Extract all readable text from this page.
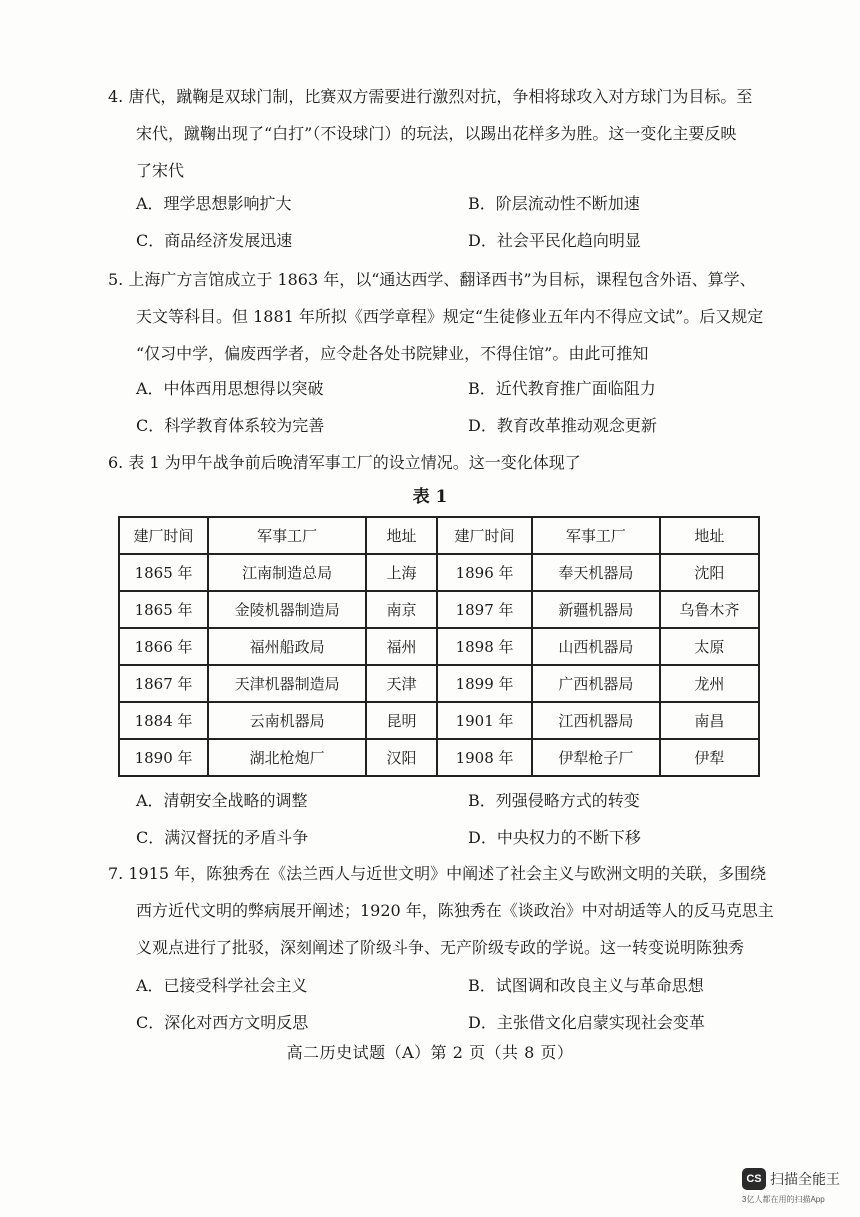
4. 唐代，蹴鞠是双球门制，比赛双方需要进行激烈对抗，争相将球攻入对方球门为目标。至
宋代，蹴鞠出现了“白打”（不设球门）的玩法，以踢出花样多为胜。这一变化主要反映
了宋代
A．理学思想影响扩大	B．阶层流动性不断加速
C．商品经济发展迅速	D．社会平民化趋向明显
5. 上海广方言馆成立于 1863 年，以“通达西学、翻译西书”为目标，课程包含外语、算学、
天文等科目。但 1881 年所拟《西学章程》规定“生徒修业五年内不得应文试”。后又规定
“仅习中学，偏废西学者，应令赴各处书院肄业，不得住馆”。由此可推知
A．中体西用思想得以突破	B．近代教育推广面临阻力
C．科学教育体系较为完善	D．教育改革推动观念更新
6. 表 1 为甲午战争前后晚清军事工厂的设立情况。这一变化体现了
表 1
建厂时间	军事工厂	地址	建厂时间	军事工厂	地址
1865 年	江南制造总局	上海	1896 年	奉天机器局	沈阳
1865 年	金陵机器制造局	南京	1897 年	新疆机器局	乌鲁木齐
1866 年	福州船政局	福州	1898 年	山西机器局	太原
1867 年	天津机器制造局	天津	1899 年	广西机器局	龙州
1884 年	云南机器局	昆明	1901 年	江西机器局	南昌
1890 年	湖北枪炮厂	汉阳	1908 年	伊犁枪子厂	伊犁
A．清朝安全战略的调整	B．列强侵略方式的转变
C．满汉督抚的矛盾斗争	D．中央权力的不断下移
7. 1915 年，陈独秀在《法兰西人与近世文明》中阐述了社会主义与欧洲文明的关联，多围绕
西方近代文明的弊病展开阐述；1920 年，陈独秀在《谈政治》中对胡适等人的反马克思主
义观点进行了批驳，深刻阐述了阶级斗争、无产阶级专政的学说。这一转变说明陈独秀
A．已接受科学社会主义	B．试图调和改良主义与革命思想
C．深化对西方文明反思	D．主张借文化启蒙实现社会变革
高二历史试题（A）第 2 页（共 8 页）
CS 扫描全能王
3亿人都在用的扫描App
